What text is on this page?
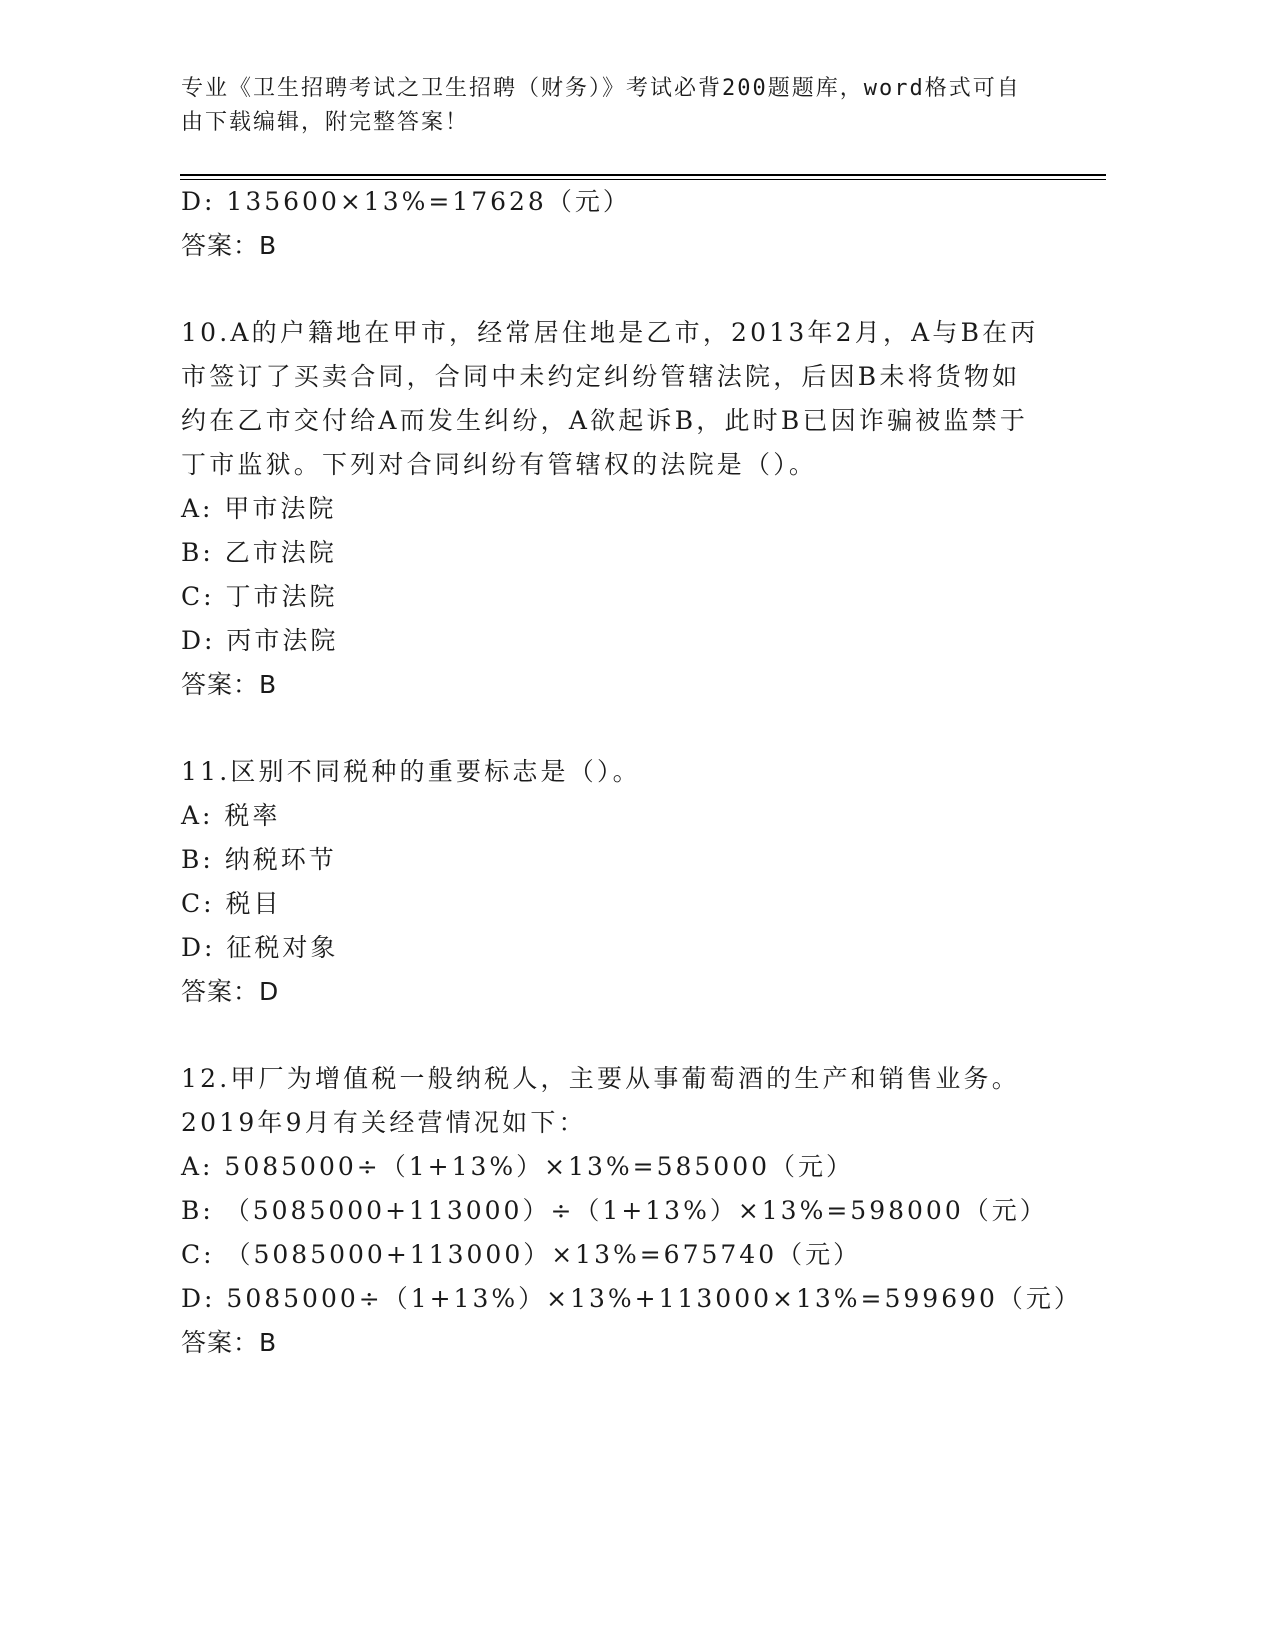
专业《卫生招聘考试之卫生招聘（财务）》考试必背200题题库，word格式可自
由下载编辑，附完整答案！
D: 135600×13%=17628（元）
答案：B
10.A的户籍地在甲市，经常居住地是乙市，2013年2月，A与B在丙
市签订了买卖合同，合同中未约定纠纷管辖法院，后因B未将货物如
约在乙市交付给A而发生纠纷，A欲起诉B，此时B已因诈骗被监禁于
丁市监狱。下列对合同纠纷有管辖权的法院是（）。
A: 甲市法院
B: 乙市法院
C: 丁市法院
D: 丙市法院
答案：B
11.区别不同税种的重要标志是（）。
A: 税率
B: 纳税环节
C: 税目
D: 征税对象
答案：D
12.甲厂为增值税一般纳税人，主要从事葡萄酒的生产和销售业务。
2019年9月有关经营情况如下：
A: 5085000÷（1+13%）×13%=585000（元）
B: （5085000+113000）÷（1+13%）×13%=598000（元）
C: （5085000+113000）×13%=675740（元）
D: 5085000÷（1+13%）×13%+113000×13%=599690（元）
答案：B
